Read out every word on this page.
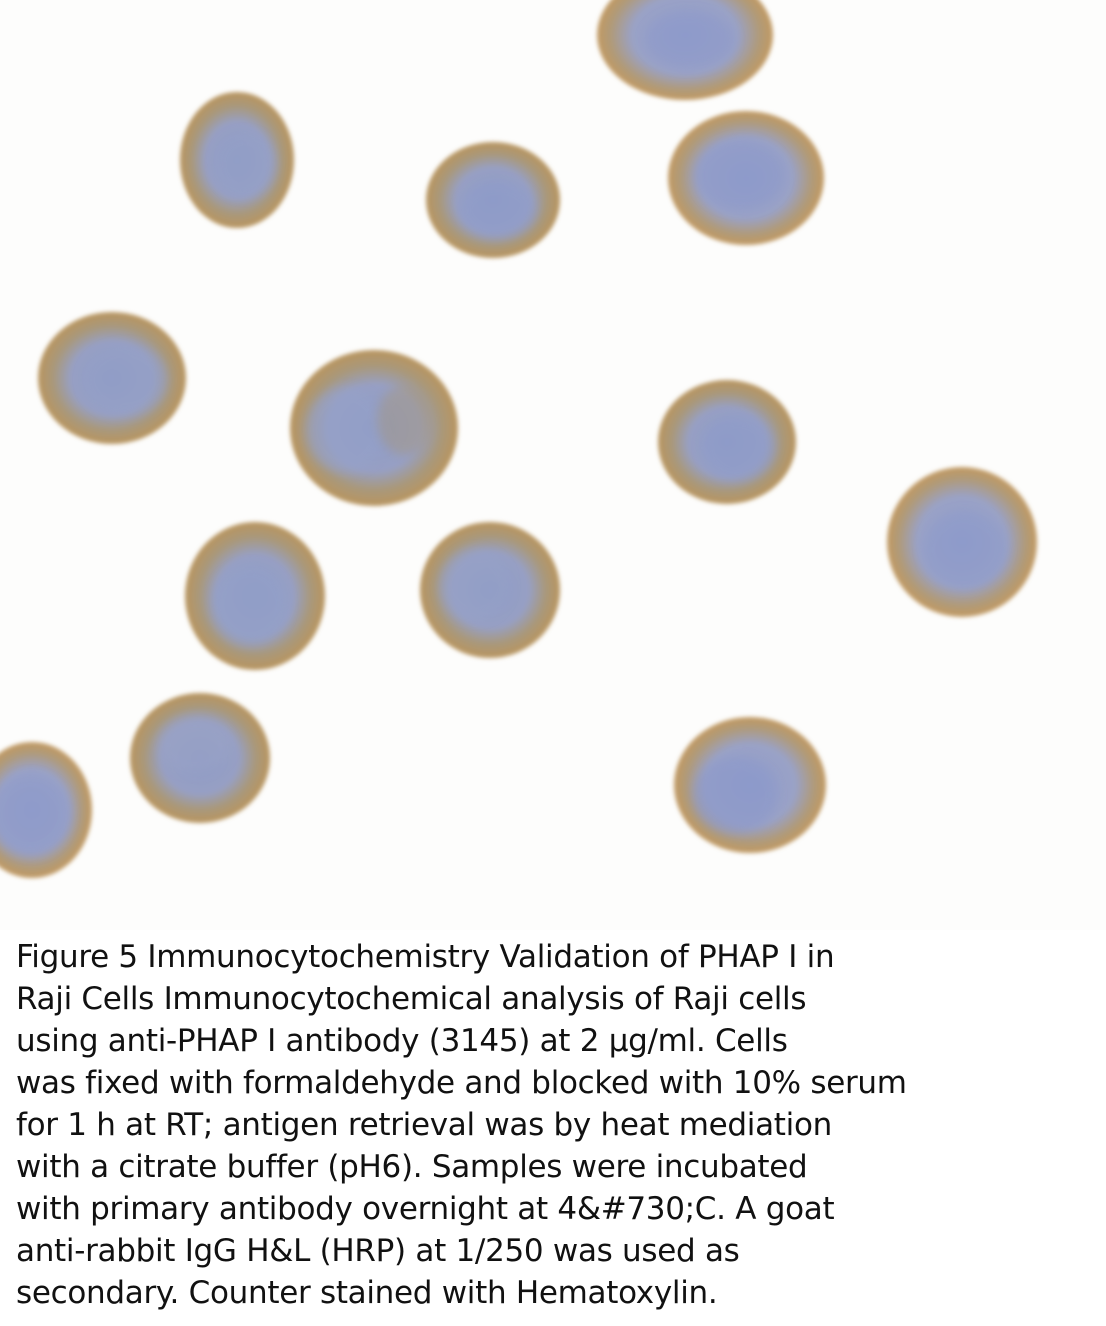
Figure 5 Immunocytochemistry Validation of PHAP I in
Raji Cells Immunocytochemical analysis of Raji cells
using anti-PHAP I antibody (3145) at 2 µg/ml. Cells
was fixed with formaldehyde and blocked with 10% serum
for 1 h at RT; antigen retrieval was by heat mediation
with a citrate buffer (pH6). Samples were incubated
with primary antibody overnight at 4&#730;C. A goat
anti-rabbit IgG H&L (HRP) at 1/250 was used as
secondary. Counter stained with Hematoxylin.
